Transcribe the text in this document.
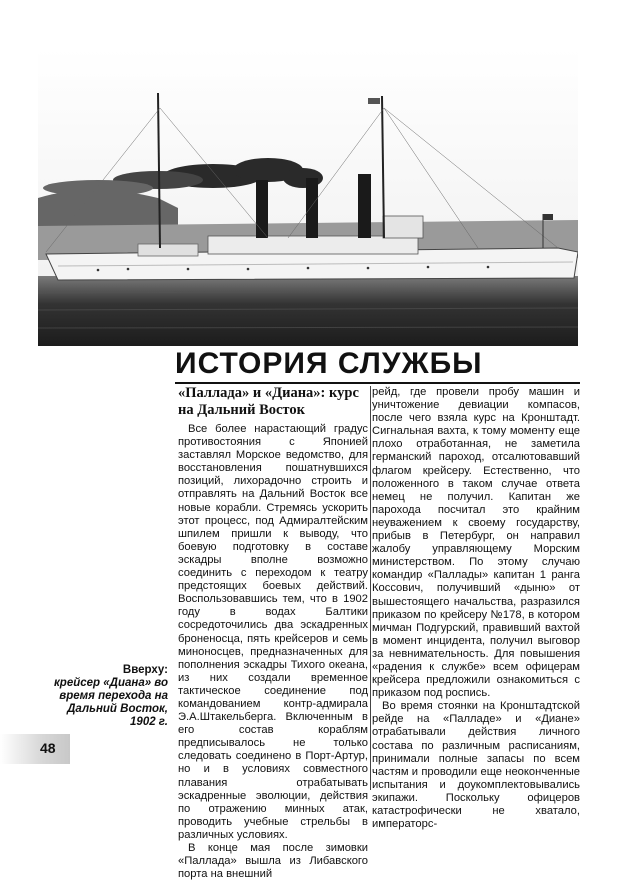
ИСТОРИЯ СЛУЖБЫ
«Паллада» и «Диана»: курс на Дальний Восток

Все более нарастающий градус противостояния с Японией заставлял Морское ведомство, для восстановления пошатнувшихся позиций, лихорадочно строить и отправлять на Дальний Восток все новые корабли. Стремясь ускорить этот процесс, под Адмиралтейским шпилем пришли к выводу, что боевую подготовку в составе эскадры вполне возможно соединить с переходом к театру предстоящих боевых действий. Воспользовавшись тем, что в 1902 году в водах Балтики сосредоточились два эскадренных броненосца, пять крейсеров и семь миноносцев, предназначенных для пополнения эскадры Тихого океана, из них создали временное тактическое соединение под командованием контр-адмирала Э.А.Штакельберга. Включенным в его состав кораблям предписывалось не только следовать соединено в Порт-Артур, но и в условиях совместного плавания отрабатывать эскадренные эволюции, действия по отражению минных атак, проводить учебные стрельбы в различных условиях.

В конце мая после зимовки «Паллада» вышла из Либавского порта на внешний

рейд, где провели пробу машин и уничтожение девиации компасов, после чего взяла курс на Кронштадт. Сигнальная вахта, к тому моменту еще плохо отработанная, не заметила германский пароход, отсалютовавший флагом крейсеру. Естественно, что положенного в таком случае ответа немец не получил. Капитан же парохода посчитал это крайним неуважением к своему государству, прибыв в Петербург, он направил жалобу управляющему Морским министерством. По этому случаю командир «Паллады» капитан 1 ранга Коссович, получивший «дыню» от вышестоящего начальства, разразился приказом по крейсеру №178, в котором мичман Подгурский, правивший вахтой в момент инцидента, получил выговор за невнимательность. Для повышения «радения к службе» всем офицерам крейсера предложили ознакомиться с приказом под роспись.

Во время стоянки на Кронштадтской рейде на «Палладе» и «Диане» отрабатывали действия личного состава по различным расписаниям, принимали полные запасы по всем частям и проводили еще неоконченные испытания и доукомплектовывались экипажи. Поскольку офицеров катастрофически не хватало, императорс-

Вверху:
крейсер «Диана» во время перехода на Дальний Восток, 1902 г.
48
